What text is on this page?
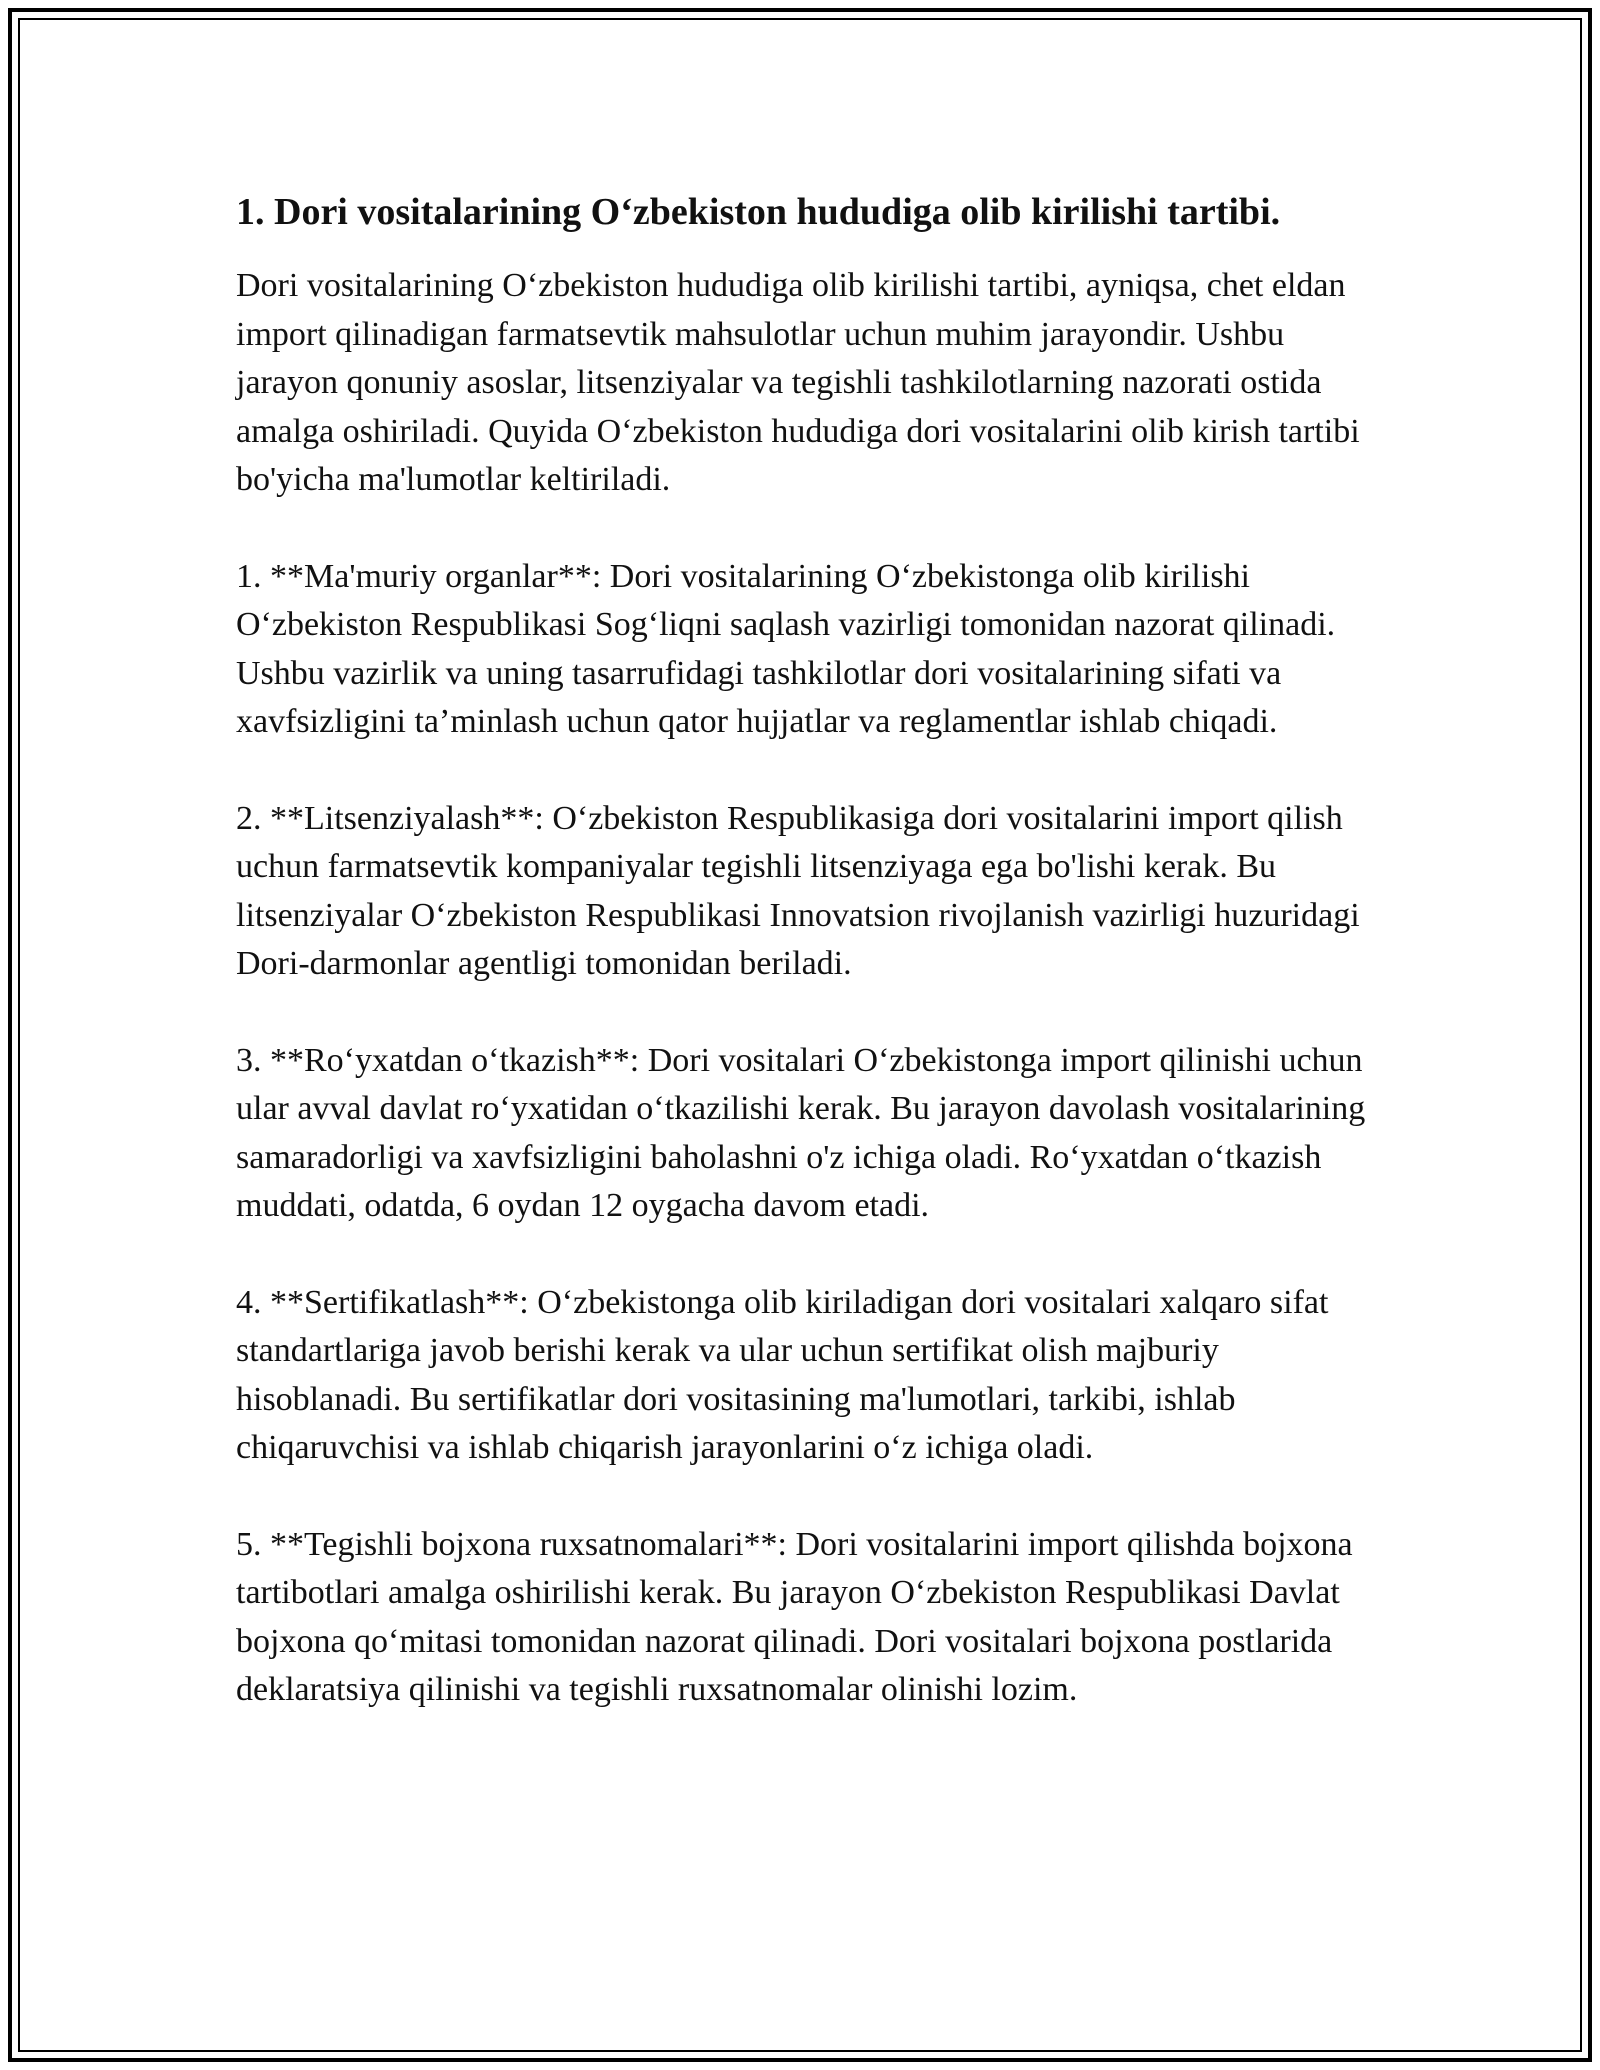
1. Dori vositalarining O‘zbekiston hududiga olib kirilishi tartibi.

Dori vositalarining O‘zbekiston hududiga olib kirilishi tartibi, ayniqsa, chet eldan import qilinadigan farmatsevtik mahsulotlar uchun muhim jarayondir. Ushbu jarayon qonuniy asoslar, litsenziyalar va tegishli tashkilotlarning nazorati ostida amalga oshiriladi. Quyida O‘zbekiston hududiga dori vositalarini olib kirish tartibi bo'yicha ma'lumotlar keltiriladi.

1. **Ma'muriy organlar**: Dori vositalarining O‘zbekistonga olib kirilishi O‘zbekiston Respublikasi Sog‘liqni saqlash vazirligi tomonidan nazorat qilinadi. Ushbu vazirlik va uning tasarrufidagi tashkilotlar dori vositalarining sifati va xavfsizligini ta’minlash uchun qator hujjatlar va reglamentlar ishlab chiqadi.

2. **Litsenziyalash**: O‘zbekiston Respublikasiga dori vositalarini import qilish uchun farmatsevtik kompaniyalar tegishli litsenziyaga ega bo'lishi kerak. Bu litsenziyalar O‘zbekiston Respublikasi Innovatsion rivojlanish vazirligi huzuridagi Dori-darmonlar agentligi tomonidan beriladi.

3. **Ro‘yxatdan o‘tkazish**: Dori vositalari O‘zbekistonga import qilinishi uchun ular avval davlat ro‘yxatidan o‘tkazilishi kerak. Bu jarayon davolash vositalarining samaradorligi va xavfsizligini baholashni o'z ichiga oladi. Ro‘yxatdan o‘tkazish muddati, odatda, 6 oydan 12 oygacha davom etadi.

4. **Sertifikatlash**: O‘zbekistonga olib kiriladigan dori vositalari xalqaro sifat standartlariga javob berishi kerak va ular uchun sertifikat olish majburiy hisoblanadi. Bu sertifikatlar dori vositasining ma'lumotlari, tarkibi, ishlab chiqaruvchisi va ishlab chiqarish jarayonlarini o‘z ichiga oladi.

5. **Tegishli bojxona ruxsatnomalari**: Dori vositalarini import qilishda bojxona tartibotlari amalga oshirilishi kerak. Bu jarayon O‘zbekiston Respublikasi Davlat bojxona qo‘mitasi tomonidan nazorat qilinadi. Dori vositalari bojxona postlarida deklaratsiya qilinishi va tegishli ruxsatnomalar olinishi lozim.
